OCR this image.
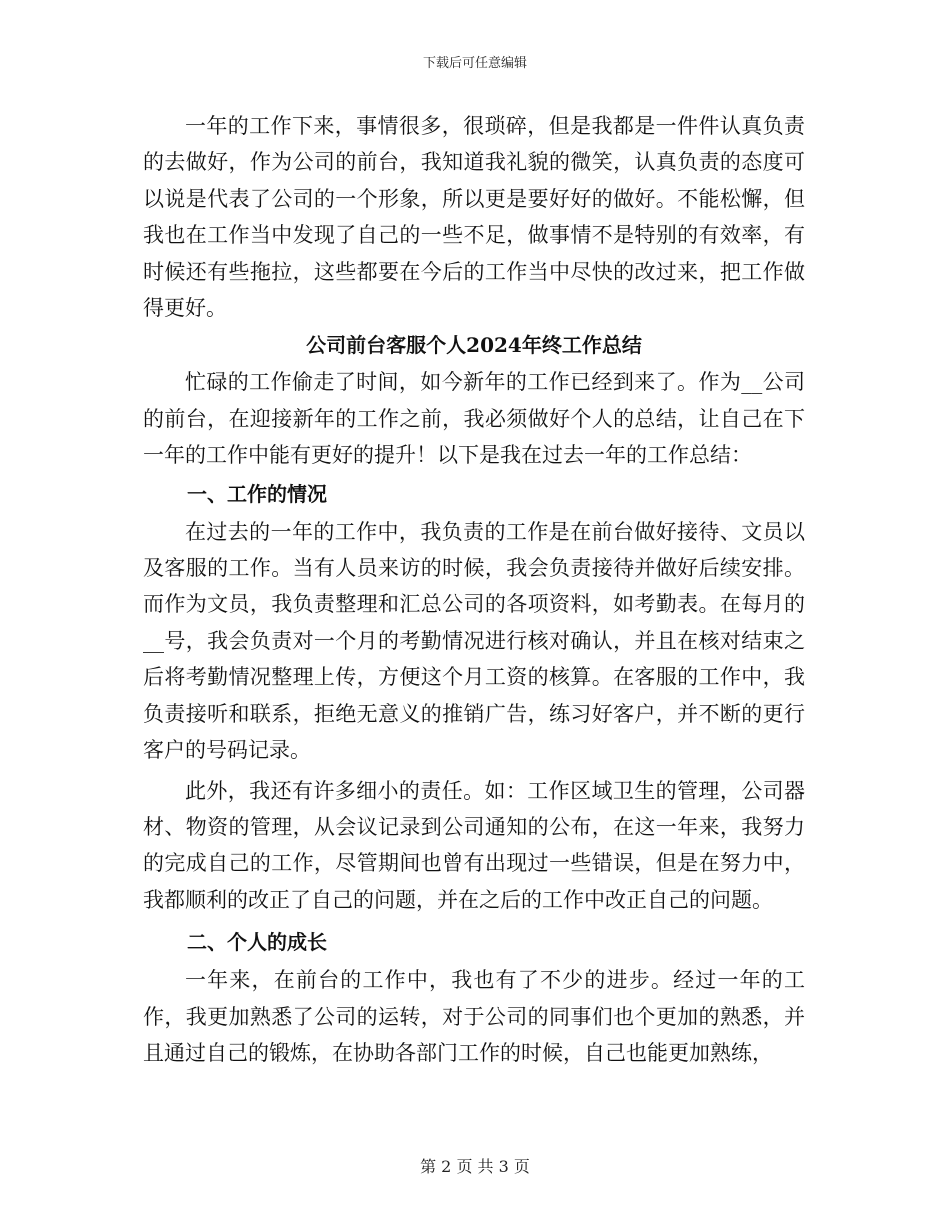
下载后可任意编辑

一年的工作下来，事情很多，很琐碎，但是我都是一件件认真负责的去做好，作为公司的前台，我知道我礼貌的微笑，认真负责的态度可以说是代表了公司的一个形象，所以更是要好好的做好。不能松懈，但我也在工作当中发现了自己的一些不足，做事情不是特别的有效率，有时候还有些拖拉，这些都要在今后的工作当中尽快的改过来，把工作做得更好。

公司前台客服个人2024年终工作总结

忙碌的工作偷走了时间，如今新年的工作已经到来了。作为__公司的前台，在迎接新年的工作之前，我必须做好个人的总结，让自己在下一年的工作中能有更好的提升！以下是我在过去一年的工作总结：

一、工作的情况

在过去的一年的工作中，我负责的工作是在前台做好接待、文员以及客服的工作。当有人员来访的时候，我会负责接待并做好后续安排。而作为文员，我负责整理和汇总公司的各项资料，如考勤表。在每月的__号，我会负责对一个月的考勤情况进行核对确认，并且在核对结束之后将考勤情况整理上传，方便这个月工资的核算。在客服的工作中，我负责接听和联系，拒绝无意义的推销广告，练习好客户，并不断的更行客户的号码记录。

此外，我还有许多细小的责任。如：工作区域卫生的管理，公司器材、物资的管理，从会议记录到公司通知的公布，在这一年来，我努力的完成自己的工作，尽管期间也曾有出现过一些错误，但是在努力中，我都顺利的改正了自己的问题，并在之后的工作中改正自己的问题。

二、个人的成长

一年来，在前台的工作中，我也有了不少的进步。经过一年的工作，我更加熟悉了公司的运转，对于公司的同事们也个更加的熟悉，并且通过自己的锻炼，在协助各部门工作的时候，自己也能更加熟练，

第 2 页 共 3 页
